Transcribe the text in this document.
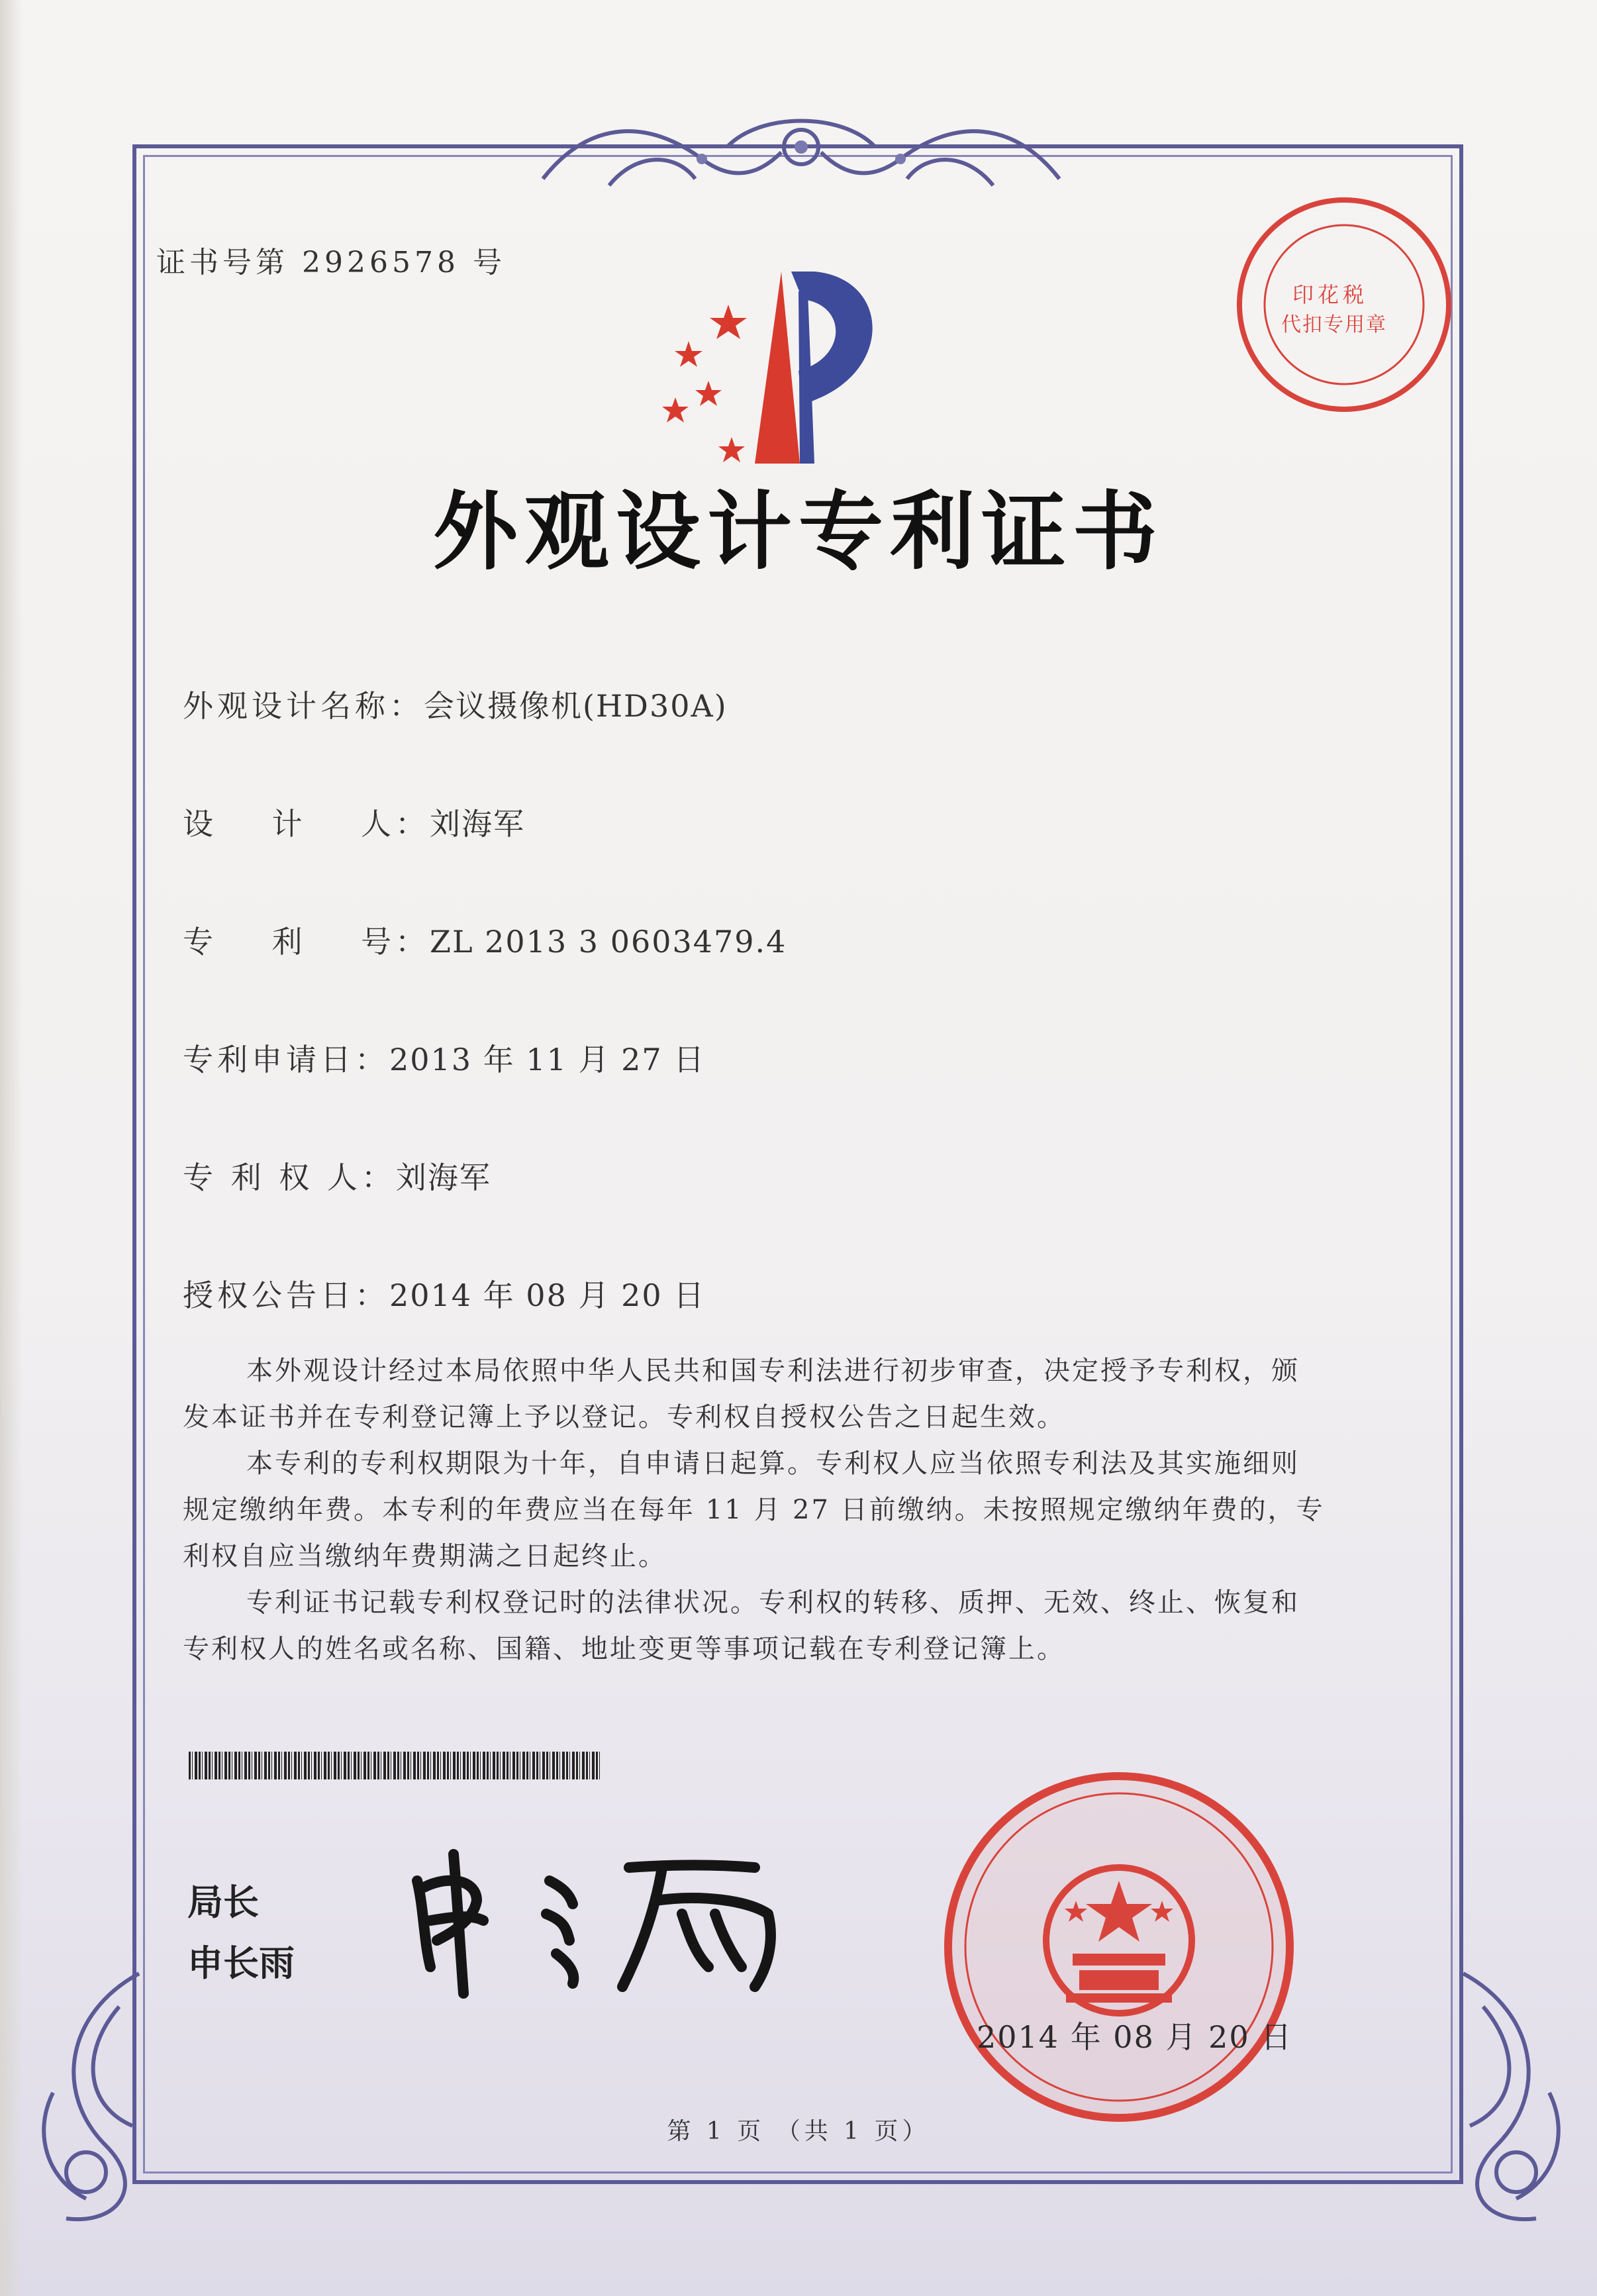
证书号第 2926578 号
印花税
代扣专用章
外观设计专利证书
外观设计名称：会议摄像机(HD30A)
设    计    人：刘海军
专    利    号：ZL 2013 3 0603479.4
专利申请日：2013 年 11 月 27 日
专 利 权 人：刘海军
授权公告日：2014 年 08 月 20 日
本外观设计经过本局依照中华人民共和国专利法进行初步审查，决定授予专利权，颁
发本证书并在专利登记簿上予以登记。专利权自授权公告之日起生效。
本专利的专利权期限为十年，自申请日起算。专利权人应当依照专利法及其实施细则
规定缴纳年费。本专利的年费应当在每年 11 月 27 日前缴纳。未按照规定缴纳年费的，专
利权自应当缴纳年费期满之日起终止。
专利证书记载专利权登记时的法律状况。专利权的转移、质押、无效、终止、恢复和
专利权人的姓名或名称、国籍、地址变更等事项记载在专利登记簿上。
局长
申长雨
2014 年 08 月 20 日
第 1 页 （共 1 页）
